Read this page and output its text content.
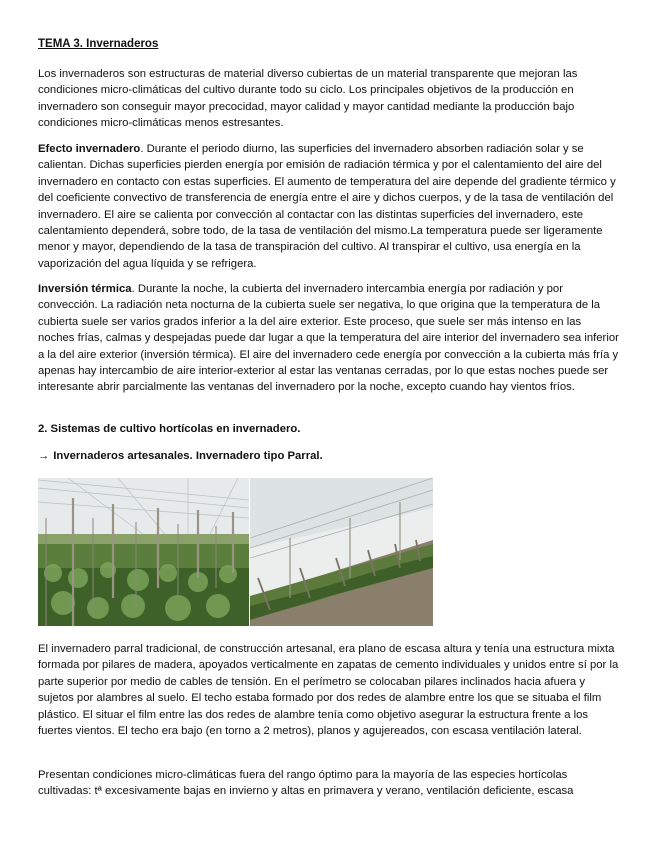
TEMA 3. Invernaderos

Los invernaderos son estructuras de material diverso cubiertas de un material transparente que mejoran las condiciones micro-climáticas del cultivo durante todo su ciclo. Los principales objetivos de la producción en invernadero son conseguir mayor precocidad, mayor calidad y mayor cantidad mediante la producción bajo condiciones micro-climáticas menos estresantes.

Efecto invernadero. Durante el periodo diurno, las superficies del invernadero absorben radiación solar y se calientan. Dichas superficies pierden energía por emisión de radiación térmica y por el calentamiento del aire del invernadero en contacto con estas superficies. El aumento de temperatura del aire depende del gradiente térmico y del coeficiente convectivo de transferencia de energía entre el aire y dichos cuerpos, y de la tasa de ventilación del invernadero. El aire se calienta por convección al contactar con las distintas superficies del invernadero, este calentamiento dependerá, sobre todo, de la tasa de ventilación del mismo.La temperatura puede ser ligeramente menor y mayor, dependiendo de la tasa de transpiración del cultivo. Al transpirar el cultivo, usa energía en la vaporización del agua líquida y se refrigera.

Inversión térmica. Durante la noche, la cubierta del invernadero intercambia energía por radiación y por convección. La radiación neta nocturna de la cubierta suele ser negativa, lo que origina que la temperatura de la cubierta suele ser varios grados inferior a la del aire exterior. Este proceso, que suele ser más intenso en las noches frías, calmas y despejadas puede dar lugar a que la temperatura del aire interior del invernadero sea inferior a la del aire exterior (inversión térmica). El aire del invernadero cede energía por convección a la cubierta más fría y apenas hay intercambio de aire interior-exterior al estar las ventanas cerradas, por lo que estas noches puede ser interesante abrir parcialmente las ventanas del invernadero por la noche, excepto cuando hay vientos fríos.

2. Sistemas de cultivo hortícolas en invernadero.

→ Invernaderos artesanales. Invernadero tipo Parral.

El invernadero parral tradicional, de construcción artesanal, era plano de escasa altura y tenía una estructura mixta formada por pilares de madera, apoyados verticalmente en zapatas de cemento individuales y unidos entre sí por la parte superior por medio de cables de tensión. En el perímetro se colocaban pilares inclinados hacia afuera y sujetos por alambres al suelo. El techo estaba formado por dos redes de alambre entre los que se situaba el film plástico. El situar el film entre las dos redes de alambre tenía como objetivo asegurar la estructura frente a los fuertes vientos. El techo era bajo (en torno a 2 metros), planos y agujereados, con escasa ventilación lateral.

Presentan condiciones micro-climáticas fuera del rango óptimo para la mayoría de las especies hortícolas cultivadas: tª excesivamente bajas en invierno y altas en primavera y verano, ventilación deficiente, escasa
